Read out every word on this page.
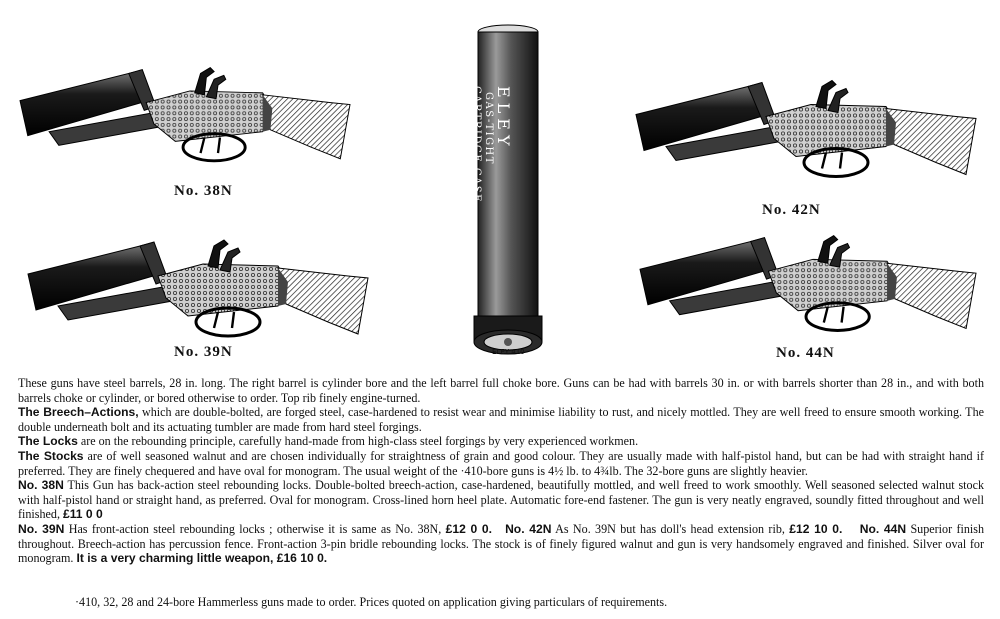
No. 38N
No. 39N
No. 42N
No. 44N
ELEY
GAS-TIGHT
CARTRIDGE CASE
Made in Great Britain
ELEY 410

These guns have steel barrels, 28 in. long. The right barrel is cylinder bore and the left barrel full choke bore. Guns can be had with barrels 30 in. or with barrels shorter than 28 in., and with both barrels choke or cylinder, or bored otherwise to order. Top rib finely engine-turned.

The Breech–Actions, which are double-bolted, are forged steel, case-hardened to resist wear and minimise liability to rust, and nicely mottled. They are well freed to ensure smooth working. The double underneath bolt and its actuating tumbler are made from hard steel forgings.

The Locks are on the rebounding principle, carefully hand-made from high-class steel forgings by very experienced workmen.

The Stocks are of well seasoned walnut and are chosen individually for straightness of grain and good colour. They are usually made with half-pistol hand, but can be had with straight hand if preferred. They are finely chequered and have oval for monogram. The usual weight of the ·410-bore guns is 4½ lb. to 4¾lb. The 32-bore guns are slightly heavier.

No. 38N This Gun has back-action steel rebounding locks. Double-bolted breech-action, case-hardened, beautifully mottled, and well freed to work smoothly. Well seasoned selected walnut stock with half-pistol hand or straight hand, as preferred. Oval for monogram. Cross-lined horn heel plate. Automatic fore-end fastener. The gun is very neatly engraved, soundly fitted throughout and well finished, £11 0 0

No. 39N Has front-action steel rebounding locks ; otherwise it is same as No. 38N, £12 0 0. No. 42N As No. 39N but has doll's head extension rib, £12 10 0. No. 44N Superior finish throughout. Breech-action has percussion fence. Front-action 3-pin bridle rebounding locks. The stock is of finely figured walnut and gun is very handsomely engraved and finished. Silver oval for monogram. It is a very charming little weapon, £16 10 0.

·410, 32, 28 and 24-bore Hammerless guns made to order. Prices quoted on application giving particulars of requirements.
